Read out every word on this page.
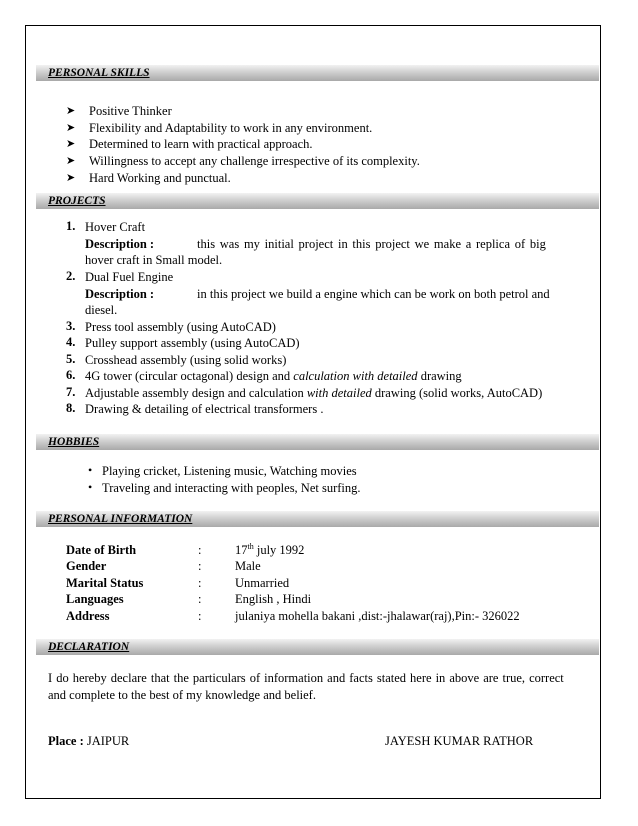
PERSONAL SKILLS
➤ Positive Thinker
➤ Flexibility and Adaptability to work in any environment.
➤ Determined to learn with practical approach.
➤ Willingness to accept any challenge irrespective of its complexity.
➤ Hard Working and punctual.
PROJECTS
1. Hover Craft
Description :	this was my initial project in this project we make a replica of big
hover craft in Small model.
2. Dual Fuel Engine
Description :	in this project we build a engine which can be work on both petrol and
diesel.
3. Press tool assembly (using AutoCAD)
4. Pulley support assembly (using AutoCAD)
5. Crosshead assembly (using solid works)
6. 4G tower (circular octagonal) design and calculation with detailed drawing
7. Adjustable assembly design and calculation with detailed drawing (solid works, AutoCAD)
8. Drawing & detailing of electrical transformers .
HOBBIES
• Playing cricket, Listening music, Watching movies
• Traveling and interacting with peoples, Net surfing.
PERSONAL INFORMATION
Date of Birth	:	17th july 1992
Gender	:	Male
Marital Status	:	Unmarried
Languages	:	English , Hindi
Address	:	julaniya mohella bakani ,dist:-jhalawar(raj),Pin:- 326022
DECLARATION
I do hereby declare that the particulars of information and facts stated here in above are true, correct
and complete to the best of my knowledge and belief.
Place : JAIPUR	JAYESH KUMAR RATHOR
